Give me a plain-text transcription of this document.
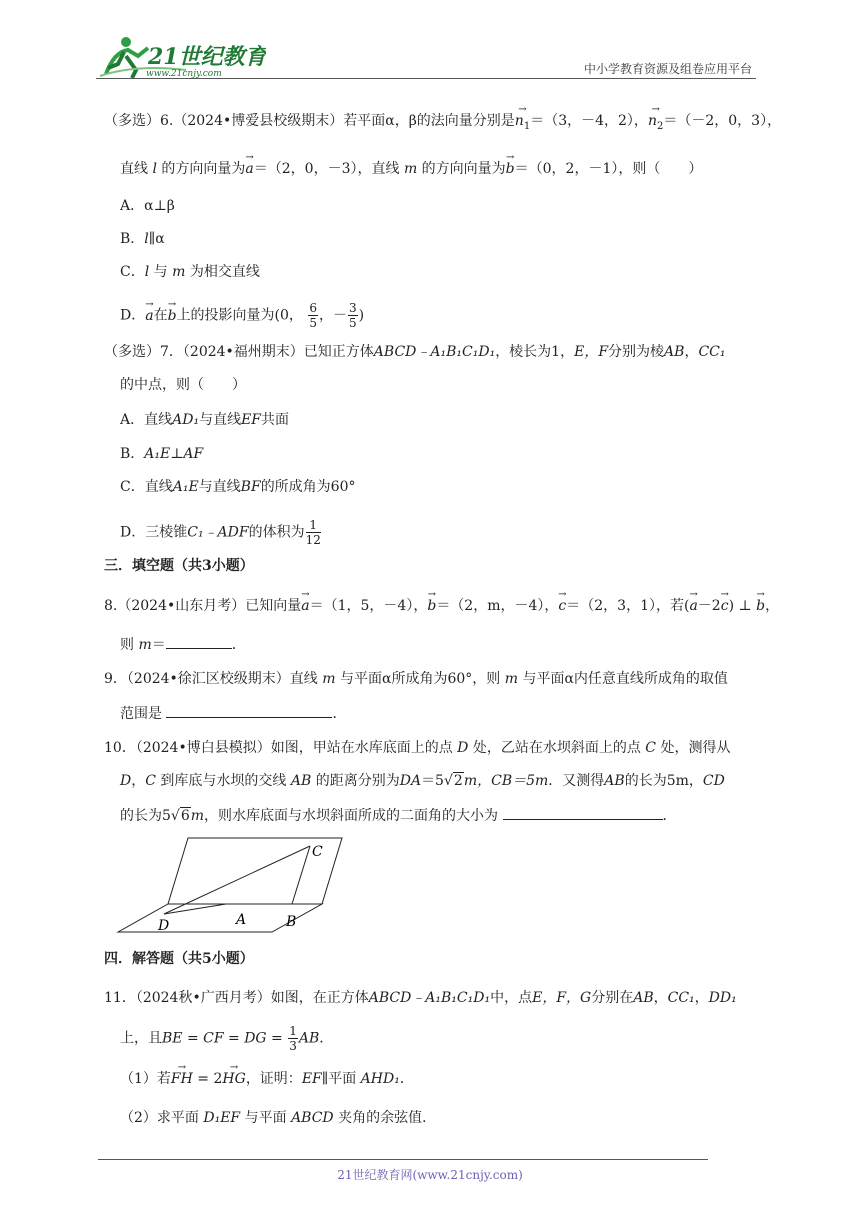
21世纪教育
www.21cnjy.com	中小学教育资源及组卷应用平台
（多选）6.（2024•博爱县校级期末）若平面α，β的法向量分别是→ $n_1=(3$，－4，2），→ $n_2=(-2$，0，3），
直线 l 的方向向量为→ a＝（2，0，－3），直线 m 的方向向量为→ b＝（0，2，－1），则（　　）
A．α⊥β
B．l∥α
C．l 与 m 为相交直线
D．→ a在→ b上的投影向量为(0， $\frac{6}{5}$ ，－ $\frac{3}{5}$ )
（多选）7．（2024•福州期末）已知正方体ABCD﹣A₁B₁C₁D₁，棱长为1，E，F分别为棱AB，CC₁
的中点，则（　　）
A．直线AD₁与直线EF共面
B．A₁E⊥AF
C．直线A₁E与直线BF的所成角为60°
D．三棱锥C₁﹣ADF的体积为 $\frac{1}{12}$
三．填空题（共3小题）
8.（2024•山东月考）已知向量→ a＝（1，5，－4），→ b＝（2，m，－4），→ c＝（2，3，1），若(→ a－2→ c) ⊥ → b，
则 m＝	．
9．（2024•徐汇区校级期末）直线 m 与平面α所成角为60°，则 m 与平面α内任意直线所成角的取值
范围是	．
10．（2024•博白县模拟）如图，甲站在水库底面上的点 D 处，乙站在水坝斜面上的点 C 处，测得从
D，C 到库底与水坝的交线 AB 的距离分别为DA＝5√2m，CB＝5m．又测得AB的长为5m，CD
的长为5√6m，则水库底面与水坝斜面所成的二面角的大小为	．
C
D	A	B
四．解答题（共5小题）
11．（2024秋•广西月考）如图，在正方体ABCD﹣A₁B₁C₁D₁中，点E，F，G分别在AB，CC₁，DD₁
上，且BE = CF = DG = $\frac{1}{3}$ AB．
（1）若→ FH = 2→ HG，证明：EF∥平面 AHD₁．
（2）求平面 D₁EF 与平面 ABCD 夹角的余弦值．
21世纪教育网(www.21cnjy.com)
